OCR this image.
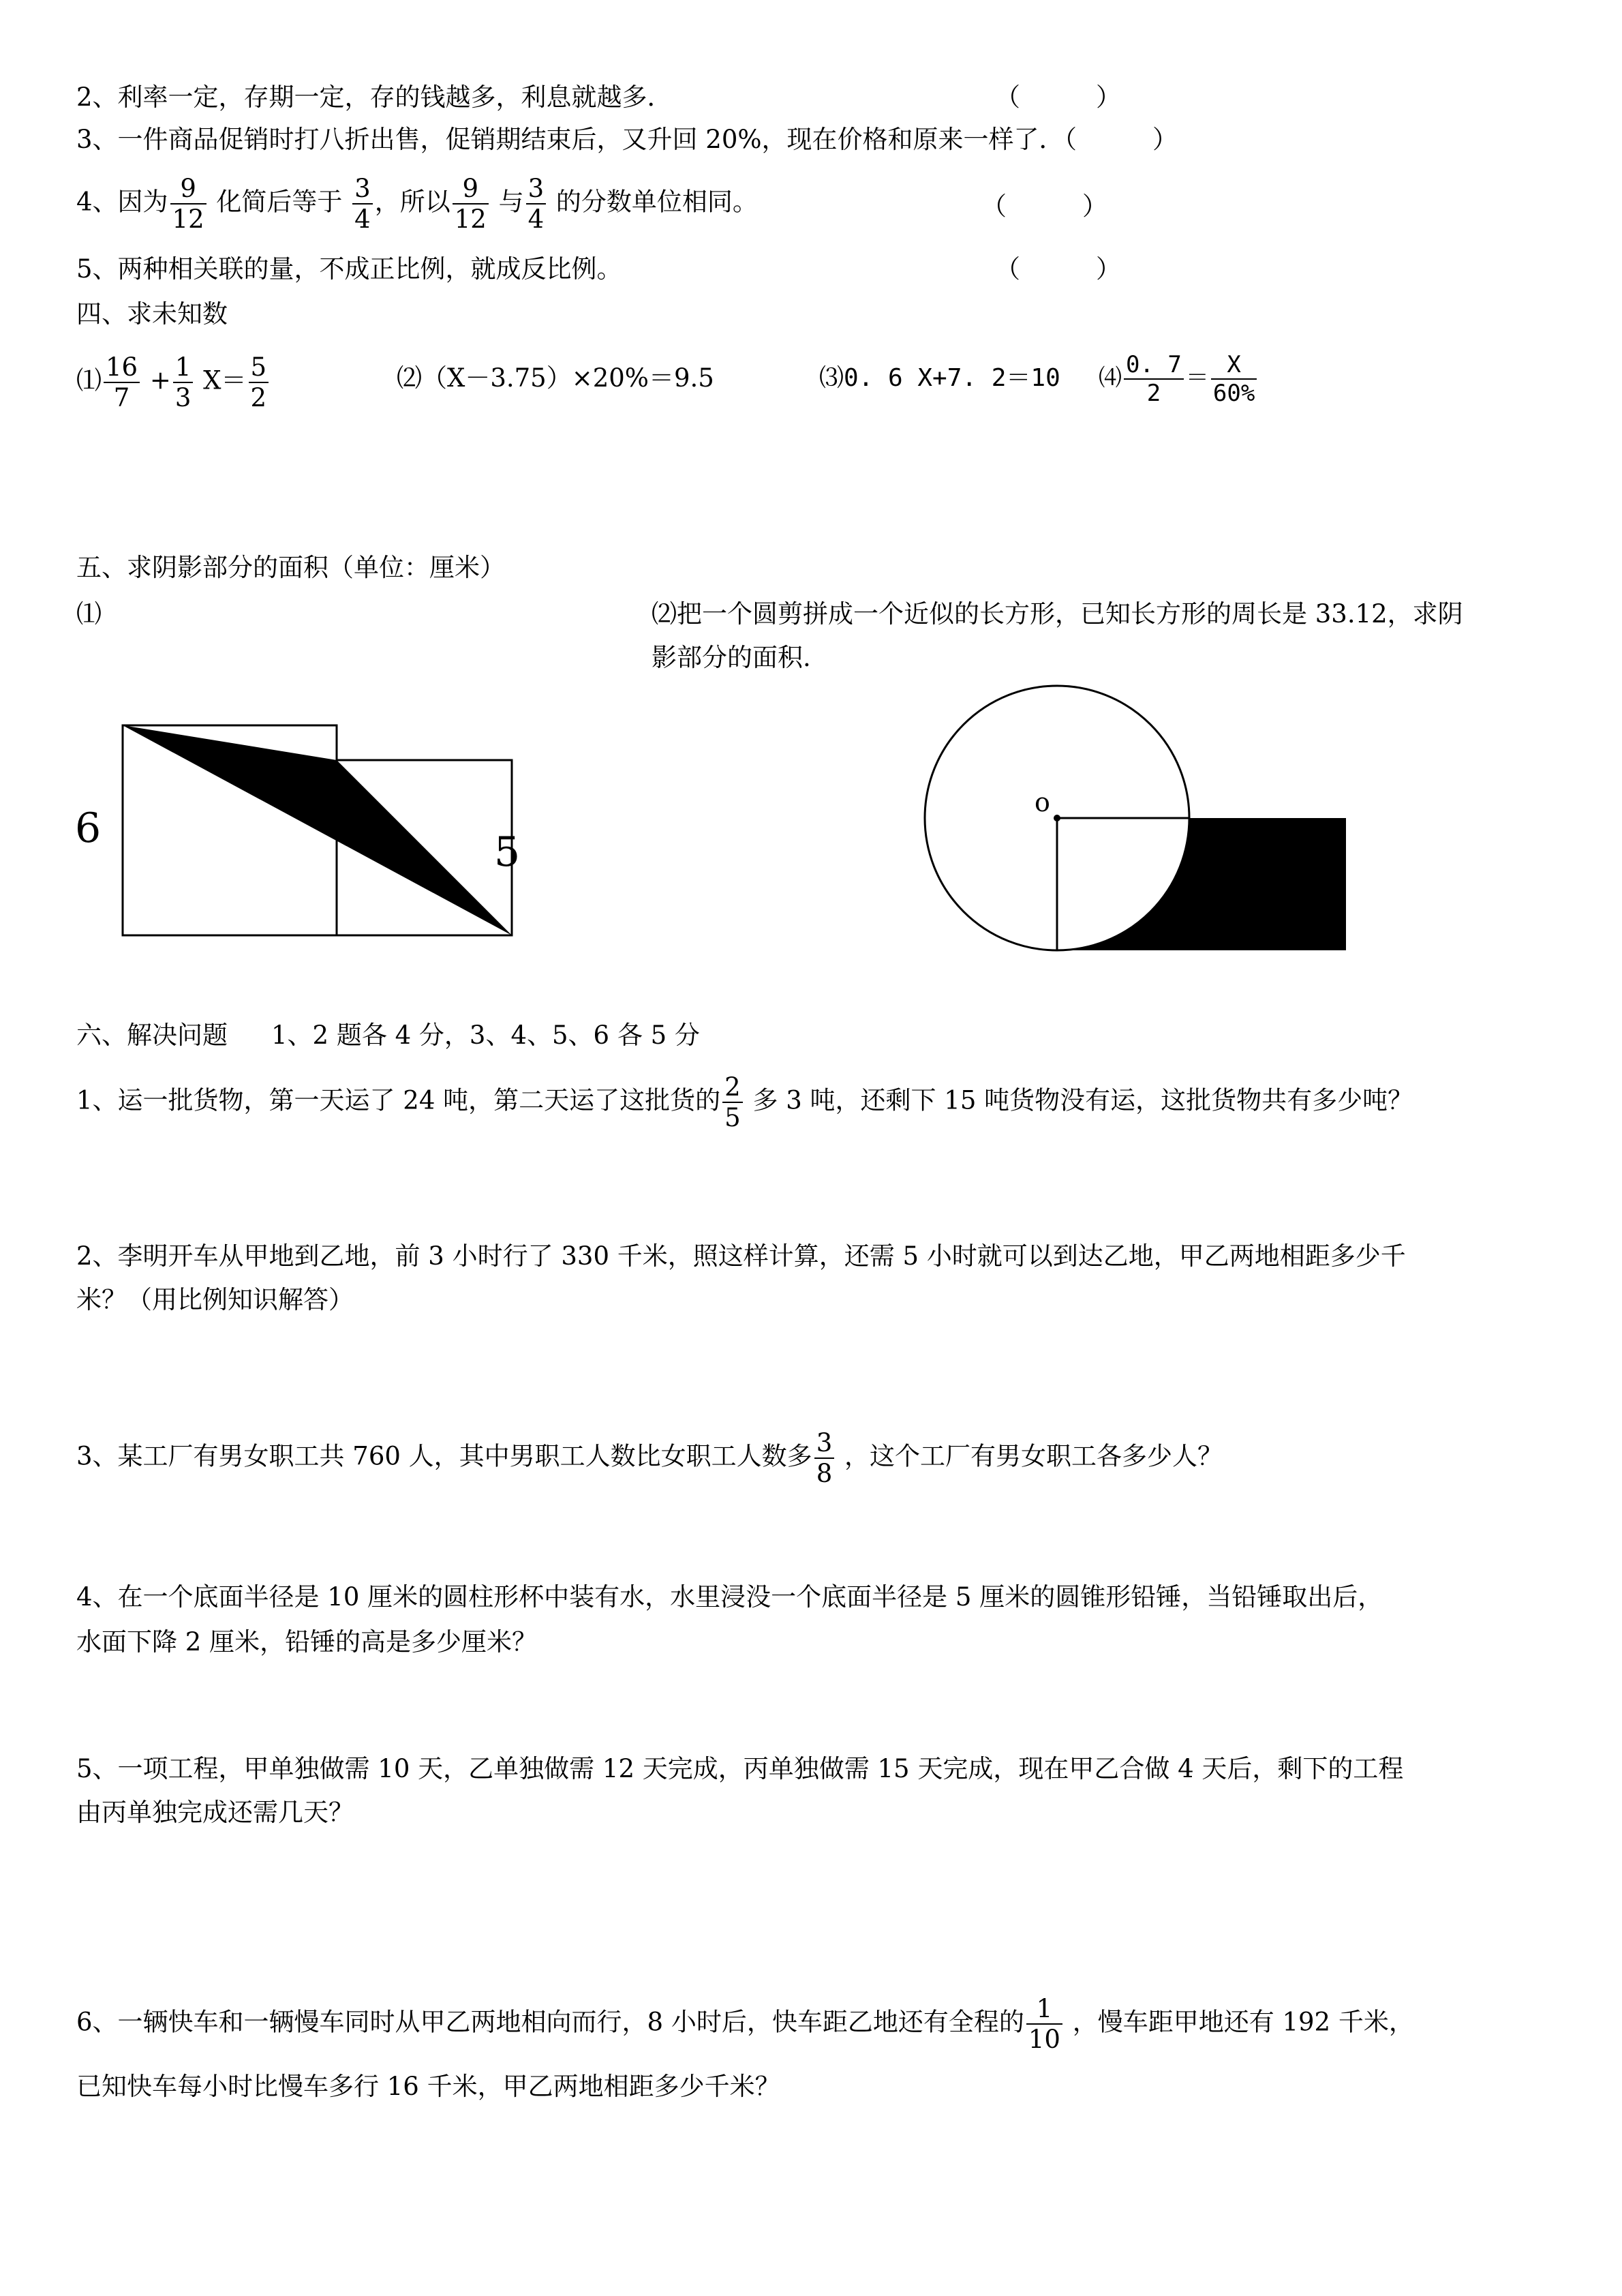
2、利率一定，存期一定，存的钱越多，利息就越多．	（　　　）
3、一件商品促销时打八折出售，促销期结束后，又升回 20%，现在价格和原来一样了．（　　　）
4、因为 $\frac{9}{12}$ 化简后等于 $\frac{3}{4}$ ，所以 $\frac{9}{12}$ 与 $\frac{3}{4}$ 的分数单位相同。	（　　　）
5、两种相关联的量，不成正比例，就成反比例。	（　　　）
四、求未知数
⑴ $\frac{16}{7} + \frac{1}{3} X= \frac{5}{2}$	⑵（X－3.75）×20%＝9.5	⑶0. 6 X+7. 2＝10 ⑷ $\frac{0. 7}{2} = \frac{X}{60\%}$
五、求阴影部分的面积（单位：厘米）
⑴	⑵把一个圆剪拼成一个近似的长方形，已知长方形的周长是 33.12，求阴
影部分的面积.
6	5
o
六、解决问题 1、2 题各 4 分，3、4、5、6 各 5 分
1、运一批货物，第一天运了 24 吨，第二天运了这批货的 $\frac{2}{5}$ 多 3 吨，还剩下 15 吨货物没有运，这批货物共有多少吨？
2、李明开车从甲地到乙地，前 3 小时行了 330 千米，照这样计算，还需 5 小时就可以到达乙地，甲乙两地相距多少千
米？（用比例知识解答）
3、某工厂有男女职工共 760 人，其中男职工人数比女职工人数多 $\frac{3}{8}$ ，这个工厂有男女职工各多少人？
4、在一个底面半径是 10 厘米的圆柱形杯中装有水，水里浸没一个底面半径是 5 厘米的圆锥形铅锤，当铅锤取出后，
水面下降 2 厘米，铅锤的高是多少厘米？
5、一项工程，甲单独做需 10 天，乙单独做需 12 天完成，丙单独做需 15 天完成，现在甲乙合做 4 天后，剩下的工程
由丙单独完成还需几天？
6、一辆快车和一辆慢车同时从甲乙两地相向而行，8 小时后，快车距乙地还有全程的 $\frac{1}{10}$ ，慢车距甲地还有 192 千米，
已知快车每小时比慢车多行 16 千米，甲乙两地相距多少千米？
